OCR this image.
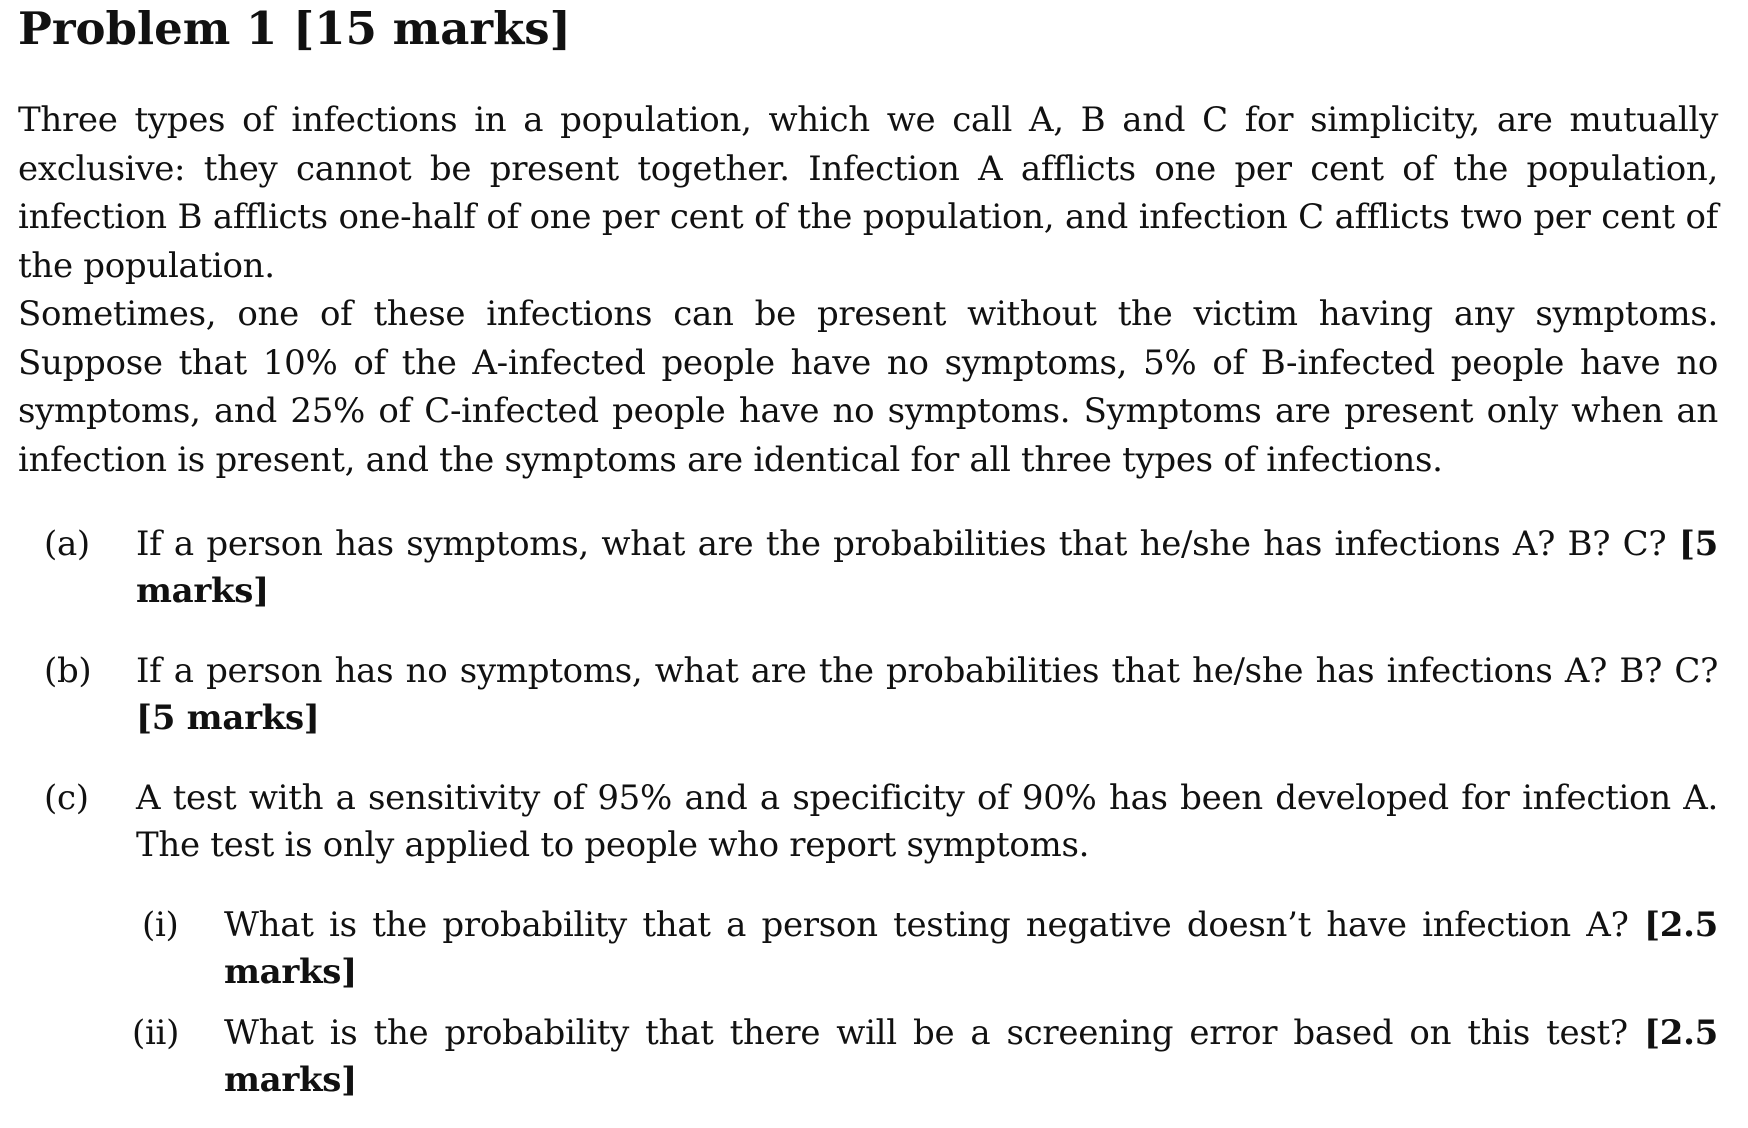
Problem 1 [15 marks]
Three types of infections in a population, which we call A, B and C for simplicity, are mutually exclusive: they cannot be present together. Infection A afflicts one per cent of the population, infection B afflicts one-half of one per cent of the population, and infection C afflicts two per cent of the population.
Sometimes, one of these infections can be present without the victim having any symptoms. Suppose that 10% of the A-infected people have no symptoms, 5% of B-infected people have no symptoms, and 25% of C-infected people have no symptoms. Symptoms are present only when an infection is present, and the symptoms are identical for all three types of infections.
(a) If a person has symptoms, what are the probabilities that he/she has infections A? B? C? [5 marks]
(b) If a person has no symptoms, what are the probabilities that he/she has infections A? B? C? [5 marks]
(c) A test with a sensitivity of 95% and a specificity of 90% has been developed for infection A. The test is only applied to people who report symptoms.
(i) What is the probability that a person testing negative doesn’t have infection A? [2.5 marks]
(ii) What is the probability that there will be a screening error based on this test? [2.5 marks]
